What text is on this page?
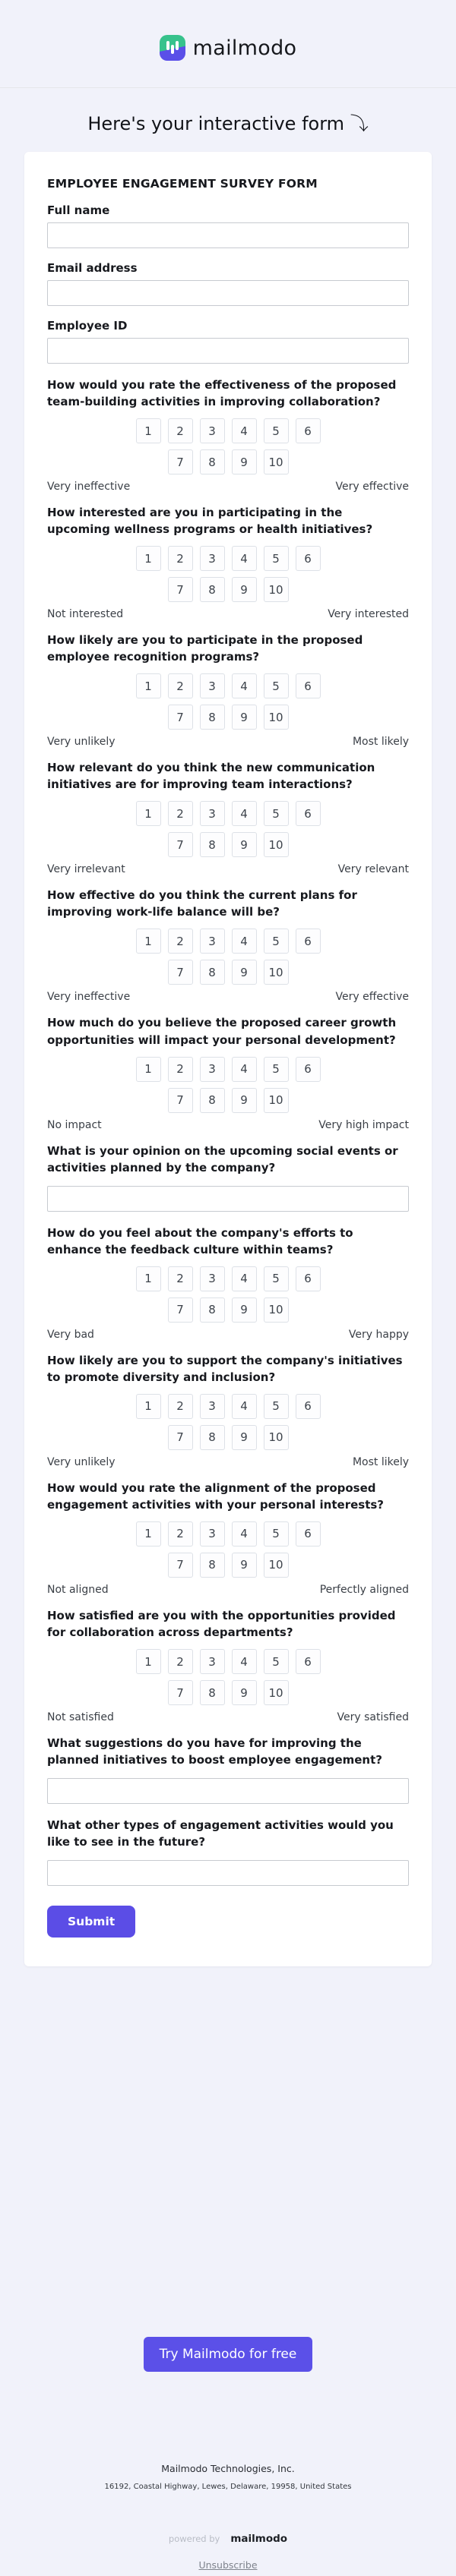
mailmodo
Here's your interactive form ⤵
EMPLOYEE ENGAGEMENT SURVEY FORM
Full name
Email address
Employee ID
How would you rate the effectiveness of the proposed team-building activities in improving collaboration?
1	2	3	4	5	6
7	8	9	10
Very ineffective	Very effective
How interested are you in participating in the upcoming wellness programs or health initiatives?
1	2	3	4	5	6
7	8	9	10
Not interested	Very interested
How likely are you to participate in the proposed employee recognition programs?
1	2	3	4	5	6
7	8	9	10
Very unlikely	Most likely
How relevant do you think the new communication initiatives are for improving team interactions?
1	2	3	4	5	6
7	8	9	10
Very irrelevant	Very relevant
How effective do you think the current plans for improving work-life balance will be?
1	2	3	4	5	6
7	8	9	10
Very ineffective	Very effective
How much do you believe the proposed career growth opportunities will impact your personal development?
1	2	3	4	5	6
7	8	9	10
No impact	Very high impact
What is your opinion on the upcoming social events or activities planned by the company?
How do you feel about the company's efforts to enhance the feedback culture within teams?
1	2	3	4	5	6
7	8	9	10
Very bad	Very happy
How likely are you to support the company's initiatives to promote diversity and inclusion?
1	2	3	4	5	6
7	8	9	10
Very unlikely	Most likely
How would you rate the alignment of the proposed engagement activities with your personal interests?
1	2	3	4	5	6
7	8	9	10
Not aligned	Perfectly aligned
How satisfied are you with the opportunities provided for collaboration across departments?
1	2	3	4	5	6
7	8	9	10
Not satisfied	Very satisfied
What suggestions do you have for improving the planned initiatives to boost employee engagement?
What other types of engagement activities would you like to see in the future?
Submit
Try Mailmodo for free
Mailmodo Technologies, Inc.
16192, Coastal Highway, Lewes, Delaware, 19958, United States
powered by mailmodo
Unsubscribe
